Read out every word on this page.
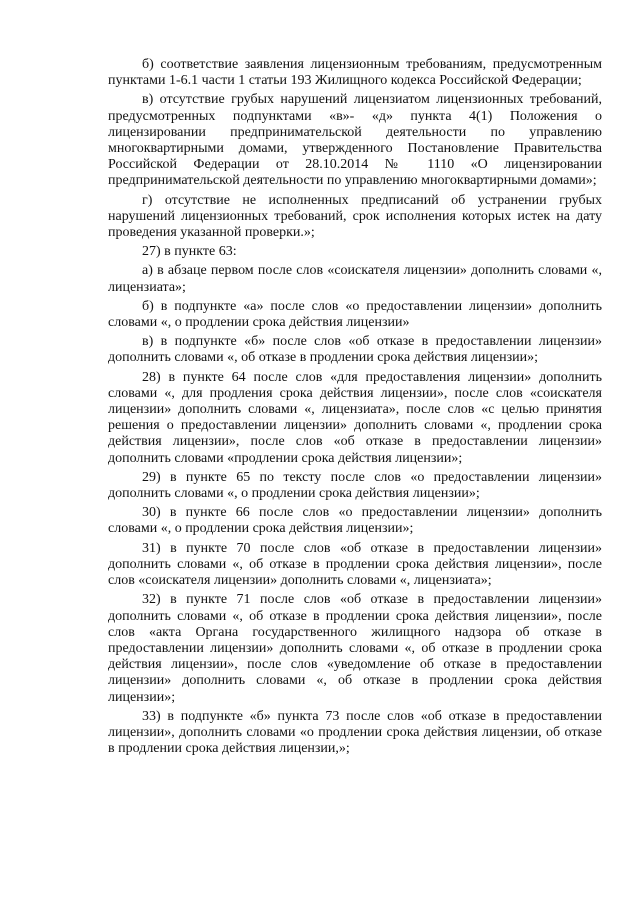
б) соответствие заявления лицензионным требованиям, предусмотренным пунктами 1-6.1 части 1 статьи 193 Жилищного кодекса Российской Федерации;

в) отсутствие грубых нарушений лицензиатом лицензионных требований, предусмотренных подпунктами «в»- «д» пункта 4(1) Положения о лицензировании предпринимательской деятельности по управлению многоквартирными домами, утвержденного Постановление Правительства Российской Федерации от 28.10.2014 № 1110 «О лицензировании предпринимательской деятельности по управлению многоквартирными домами»;

г) отсутствие не исполненных предписаний об устранении грубых нарушений лицензионных требований, срок исполнения которых истек на дату проведения указанной проверки.»;

27) в пункте 63:

а) в абзаце первом после слов «соискателя лицензии» дополнить словами «, лицензиата»;

б) в подпункте «а» после слов «о предоставлении лицензии» дополнить словами «, о продлении срока действия лицензии»

в) в подпункте «б» после слов «об отказе в предоставлении лицензии» дополнить словами «, об отказе в продлении срока действия лицензии»;

28) в пункте 64 после слов «для предоставления лицензии» дополнить словами «, для продления срока действия лицензии», после слов «соискателя лицензии» дополнить словами «, лицензиата», после слов «с целью принятия решения о предоставлении лицензии» дополнить словами «, продлении срока действия лицензии», после слов «об отказе в предоставлении лицензии» дополнить словами «продлении срока действия лицензии»;

29) в пункте 65 по тексту после слов «о предоставлении лицензии» дополнить словами «, о продлении срока действия лицензии»;

30) в пункте 66 после слов «о предоставлении лицензии» дополнить словами «, о продлении срока действия лицензии»;

31) в пункте 70 после слов «об отказе в предоставлении лицензии» дополнить словами «, об отказе в продлении срока действия лицензии», после слов «соискателя лицензии» дополнить словами «, лицензиата»;

32) в пункте 71 после слов «об отказе в предоставлении лицензии» дополнить словами «, об отказе в продлении срока действия лицензии», после слов «акта Органа государственного жилищного надзора об отказе в предоставлении лицензии» дополнить словами «, об отказе в продлении срока действия лицензии», после слов «уведомление об отказе в предоставлении лицензии» дополнить словами «, об отказе в продлении срока действия лицензии»;

33) в подпункте «б» пункта 73 после слов «об отказе в предоставлении лицензии», дополнить словами «о продлении срока действия лицензии, об отказе в продлении срока действия лицензии,»;
